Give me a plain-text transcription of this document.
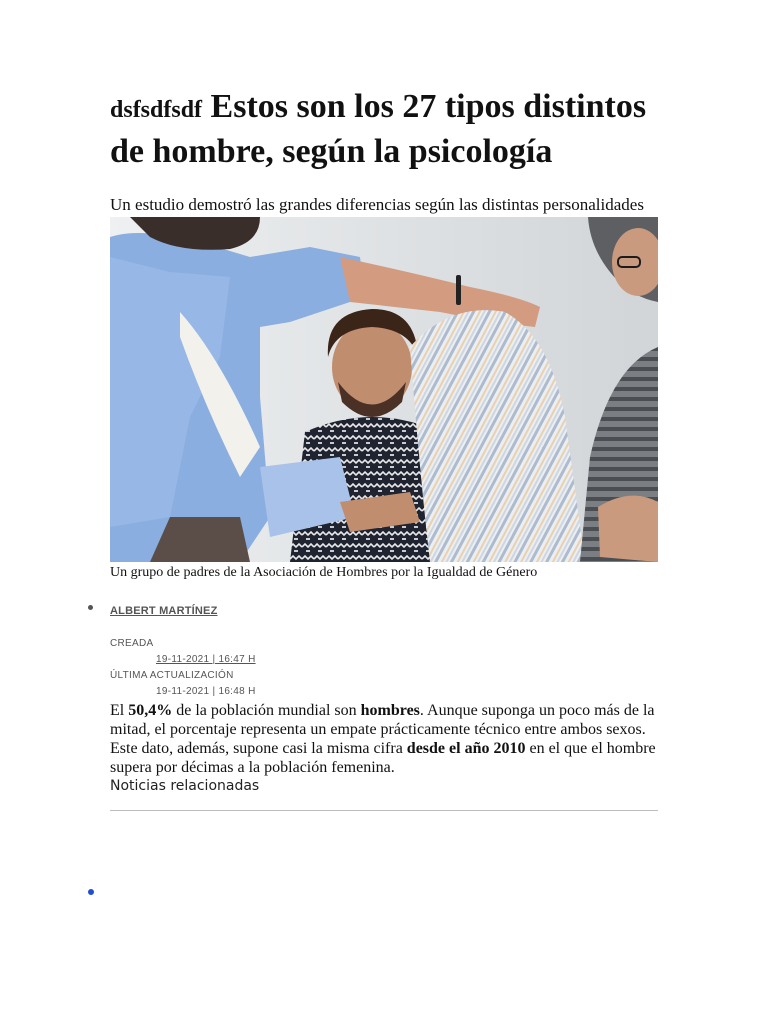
dsfsdfsdf Estos son los 27 tipos distintos de hombre, según la psicología

Un estudio demostró las grandes diferencias según las distintas personalidades

Un grupo de padres de la Asociación de Hombres por la Igualdad de Género
ALBERT MARTÍNEZ
CREADA
19-11-2021 | 16:47 H
ÚLTIMA ACTUALIZACIÓN
19-11-2021 | 16:48 H
El 50,4% de la población mundial son hombres. Aunque suponga un poco más de la mitad, el porcentaje representa un empate prácticamente técnico entre ambos sexos. Este dato, además, supone casi la misma cifra desde el año 2010 en el que el hombre supera por décimas a la población femenina.
Noticias relacionadas
